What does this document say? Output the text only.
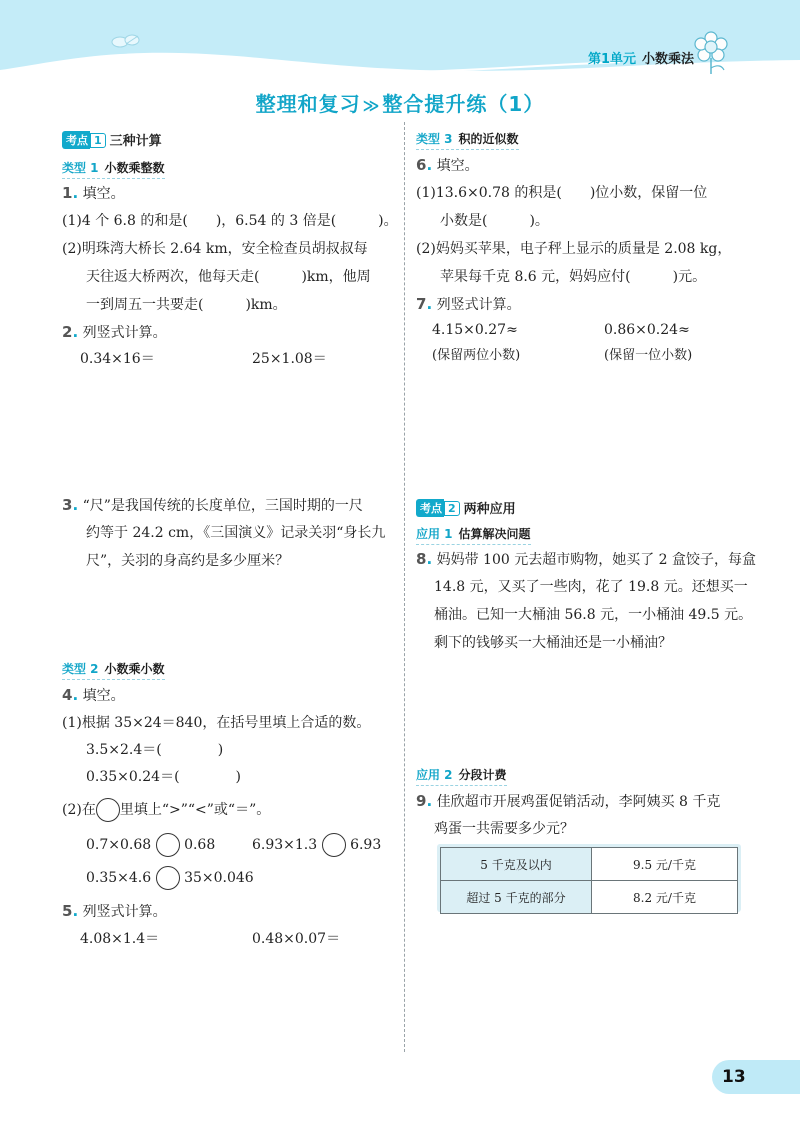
第1单元 小数乘法
整理和复习 ≫ 整合提升练（1）
考点 1 三种计算
类型 1 小数乘整数
1. 填空。
(1)4 个 6.8 的和是(　　)，6.54 的 3 倍是(　　　)。
(2)明珠湾大桥长 2.64 km，安全检查员胡叔叔每
天往返大桥两次，他每天走(　　　)km，他周
一到周五一共要走(　　　)km。
2. 列竖式计算。
0.34×16＝	25×1.08＝
3. “尺”是我国传统的长度单位，三国时期的一尺
约等于 24.2 cm，《三国演义》记录关羽“身长九
尺”，关羽的身高约是多少厘米？
类型 2 小数乘小数
4. 填空。
(1)根据 35×24＝840，在括号里填上合适的数。
3.5×2.4＝(　　　　)
0.35×0.24＝(　　　　)
(2)在 里填上“>”“<”或“＝”。
0.7×0.68 0.68	6.93×1.3 6.93
0.35×4.6 35×0.046
5. 列竖式计算。
4.08×1.4＝	0.48×0.07＝
类型 3 积的近似数
6. 填空。
(1)13.6×0.78 的积是(　　)位小数，保留一位
小数是(　　　)。
(2)妈妈买苹果，电子秤上显示的质量是 2.08 kg，
苹果每千克 8.6 元，妈妈应付(　　　)元。
7. 列竖式计算。
4.15×0.27≈	0.86×0.24≈
(保留两位小数)	(保留一位小数)
考点 2 两种应用
应用 1 估算解决问题
8. 妈妈带 100 元去超市购物，她买了 2 盒饺子，每盒
14.8 元，又买了一些肉，花了 19.8 元。还想买一
桶油。已知一大桶油 56.8 元，一小桶油 49.5 元。
剩下的钱够买一大桶油还是一小桶油？
应用 2 分段计费
9. 佳欣超市开展鸡蛋促销活动，李阿姨买 8 千克
鸡蛋一共需要多少元？
5 千克及以内	9.5 元/千克
超过 5 千克的部分	8.2 元/千克
13
